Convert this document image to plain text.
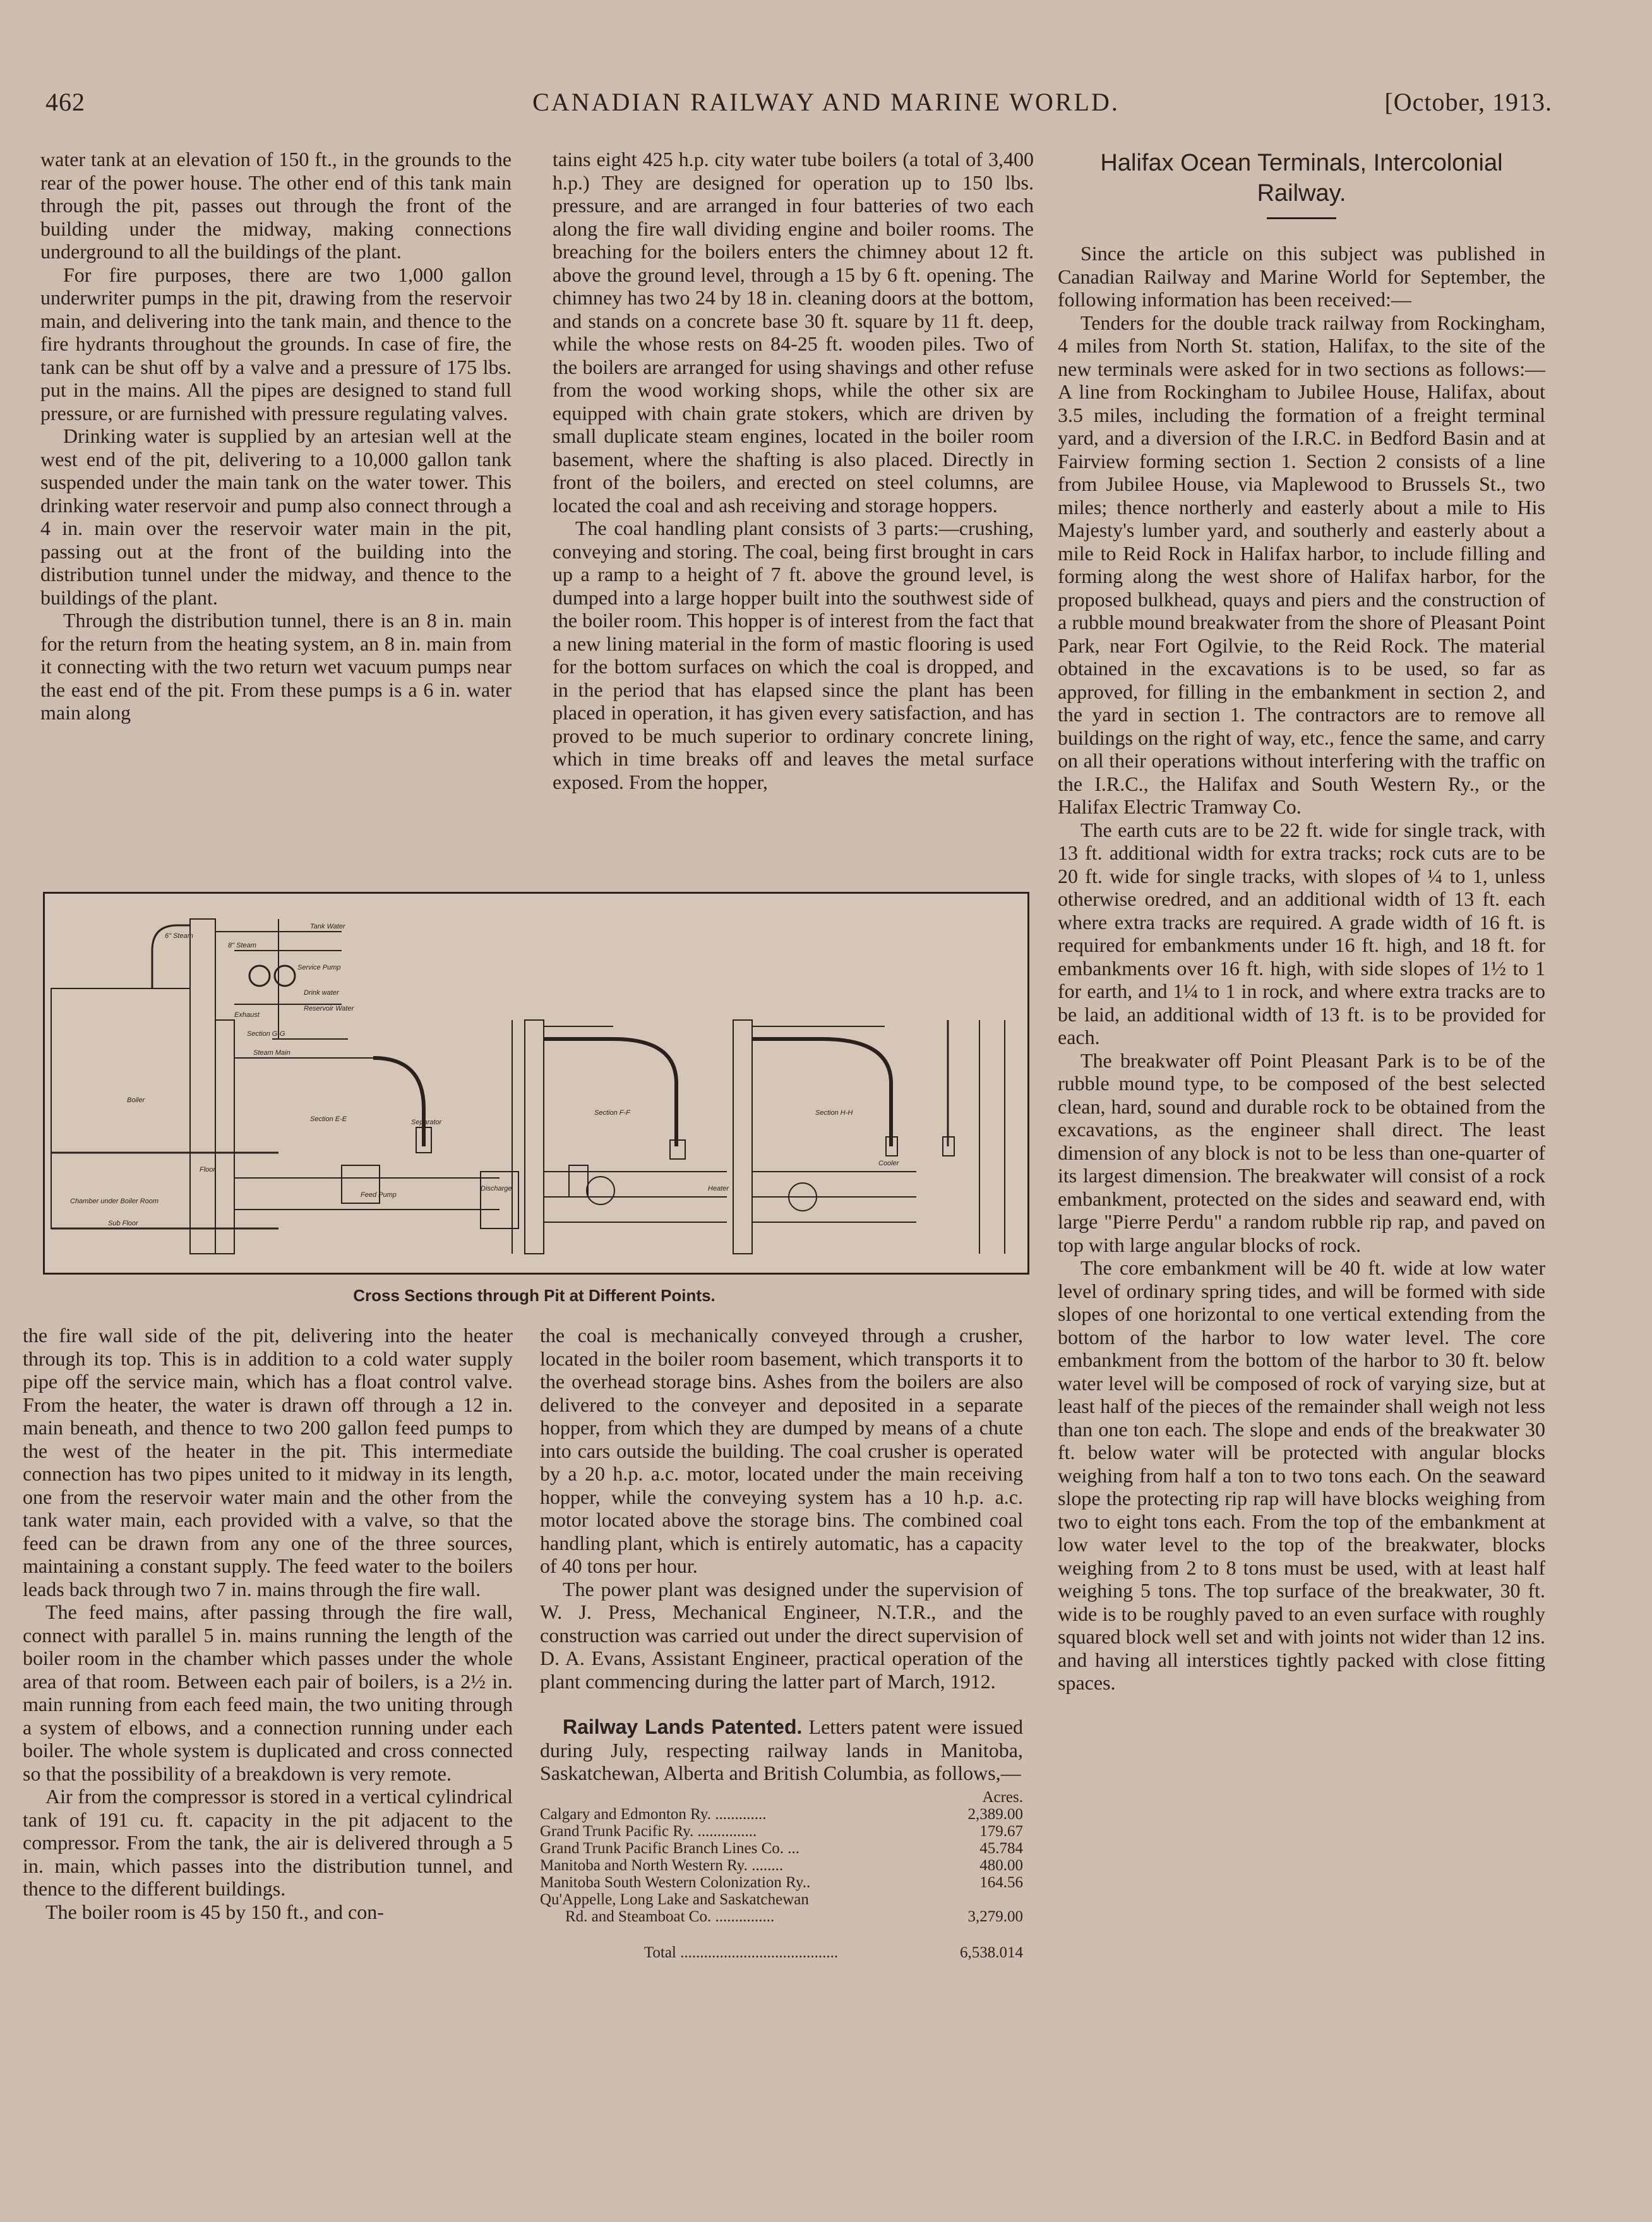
462	CANADIAN RAILWAY AND MARINE WORLD.	[October, 1913.

water tank at an elevation of 150 ft., in the grounds to the rear of the power house. The other end of this tank main through the pit, passes out through the front of the building under the midway, making connections underground to all the buildings of the plant.

For fire purposes, there are two 1,000 gallon underwriter pumps in the pit, drawing from the reservoir main, and delivering into the tank main, and thence to the fire hydrants throughout the grounds. In case of fire, the tank can be shut off by a valve and a pressure of 175 lbs. put in the mains. All the pipes are designed to stand full pressure, or are furnished with pressure regulating valves.

Drinking water is supplied by an artesian well at the west end of the pit, delivering to a 10,000 gallon tank suspended under the main tank on the water tower. This drinking water reservoir and pump also connect through a 4 in. main over the reservoir water main in the pit, passing out at the front of the building into the distribution tunnel under the midway, and thence to the buildings of the plant.

Through the distribution tunnel, there is an 8 in. main for the return from the heating system, an 8 in. main from it connecting with the two return wet vacuum pumps near the east end of the pit. From these pumps is a 6 in. water main along

tains eight 425 h.p. city water tube boilers (a total of 3,400 h.p.) They are designed for operation up to 150 lbs. pressure, and are arranged in four batteries of two each along the fire wall dividing engine and boiler rooms. The breaching for the boilers enters the chimney about 12 ft. above the ground level, through a 15 by 6 ft. opening. The chimney has two 24 by 18 in. cleaning doors at the bottom, and stands on a concrete base 30 ft. square by 11 ft. deep, while the whose rests on 84-25 ft. wooden piles. Two of the boilers are arranged for using shavings and other refuse from the wood working shops, while the other six are equipped with chain grate stokers, which are driven by small duplicate steam engines, located in the boiler room basement, where the shafting is also placed. Directly in front of the boilers, and erected on steel columns, are located the coal and ash receiving and storage hoppers.

The coal handling plant consists of 3 parts:—crushing, conveying and storing. The coal, being first brought in cars up a ramp to a height of 7 ft. above the ground level, is dumped into a large hopper built into the southwest side of the boiler room. This hopper is of interest from the fact that a new lining material in the form of mastic flooring is used for the bottom surfaces on which the coal is dropped, and in the period that has elapsed since the plant has been placed in operation, it has given every satisfaction, and has proved to be much superior to ordinary concrete lining, which in time breaks off and leaves the metal surface exposed. From the hopper,

Halifax Ocean Terminals, Intercolonial Railway.

Since the article on this subject was published in Canadian Railway and Marine World for September, the following information has been received:—

Tenders for the double track railway from Rockingham, 4 miles from North St. station, Halifax, to the site of the new terminals were asked for in two sections as follows:—A line from Rockingham to Jubilee House, Halifax, about 3.5 miles, including the formation of a freight terminal yard, and a diversion of the I.R.C. in Bedford Basin and at Fairview forming section 1. Section 2 consists of a line from Jubilee House, via Maplewood to Brussels St., two miles; thence northerly and easterly about a mile to His Majesty's lumber yard, and southerly and easterly about a mile to Reid Rock in Halifax harbor, to include filling and forming along the west shore of Halifax harbor, for the proposed bulkhead, quays and piers and the construction of a rubble mound breakwater from the shore of Pleasant Point Park, near Fort Ogilvie, to the Reid Rock. The material obtained in the excavations is to be used, so far as approved, for filling in the embankment in section 2, and the yard in section 1. The contractors are to remove all buildings on the right of way, etc., fence the same, and carry on all their operations without interfering with the traffic on the I.R.C., the Halifax and South Western Ry., or the Halifax Electric Tramway Co.

The earth cuts are to be 22 ft. wide for single track, with 13 ft. additional width for extra tracks; rock cuts are to be 20 ft. wide for single tracks, with slopes of ¼ to 1, unless otherwise oredred, and an additional width of 13 ft. each where extra tracks are required. A grade width of 16 ft. is required for embankments under 16 ft. high, and 18 ft. for embankments over 16 ft. high, with side slopes of 1½ to 1 for earth, and 1¼ to 1 in rock, and where extra tracks are to be laid, an additional width of 13 ft. is to be provided for each.

The breakwater off Point Pleasant Park is to be of the rubble mound type, to be composed of the best selected clean, hard, sound and durable rock to be obtained from the excavations, as the engineer shall direct. The least dimension of any block is not to be less than one-quarter of its largest dimension. The breakwater will consist of a rock embankment, protected on the sides and seaward end, with large "Pierre Perdu" a random rubble rip rap, and paved on top with large angular blocks of rock.

The core embankment will be 40 ft. wide at low water level of ordinary spring tides, and will be formed with side slopes of one horizontal to one vertical extending from the bottom of the harbor to low water level. The core embankment from the bottom of the harbor to 30 ft. below water level will be composed of rock of varying size, but at least half of the pieces of the remainder shall weigh not less than one ton each. The slope and ends of the breakwater 30 ft. below water will be protected with angular blocks weighing from half a ton to two tons each. On the seaward slope the protecting rip rap will have blocks weighing from two to eight tons each. From the top of the embankment at low water level to the top of the breakwater, blocks weighing from 2 to 8 tons must be used, with at least half weighing 5 tons. The top surface of the breakwater, 30 ft. wide is to be roughly paved to an even surface with roughly squared block well set and with joints not wider than 12 ins. and having all interstices tightly packed with close fitting spaces.

6" Steam
Tank Water
Service Pump
8" Steam
Exhaust
Drink water
Reservoir Water
Section G-G
Steam Main
Separator
Section E-E
Floor
Boiler
Chamber under Boiler Room
Sub Floor
Section F-F	Section H-H
Cooler
Feed Pump
Discharge	Heater
Cross Sections through Pit at Different Points.

the fire wall side of the pit, delivering into the heater through its top. This is in addition to a cold water supply pipe off the service main, which has a float control valve. From the heater, the water is drawn off through a 12 in. main beneath, and thence to two 200 gallon feed pumps to the west of the heater in the pit. This intermediate connection has two pipes united to it midway in its length, one from the reservoir water main and the other from the tank water main, each provided with a valve, so that the feed can be drawn from any one of the three sources, maintaining a constant supply. The feed water to the boilers leads back through two 7 in. mains through the fire wall.

The feed mains, after passing through the fire wall, connect with parallel 5 in. mains running the length of the boiler room in the chamber which passes under the whole area of that room. Between each pair of boilers, is a 2½ in. main running from each feed main, the two uniting through a system of elbows, and a connection running under each boiler. The whole system is duplicated and cross connected so that the possibility of a breakdown is very remote.

Air from the compressor is stored in a vertical cylindrical tank of 191 cu. ft. capacity in the pit adjacent to the compressor. From the tank, the air is delivered through a 5 in. main, which passes into the distribution tunnel, and thence to the different buildings.

The boiler room is 45 by 150 ft., and con-

the coal is mechanically conveyed through a crusher, located in the boiler room basement, which transports it to the overhead storage bins. Ashes from the boilers are also delivered to the conveyer and deposited in a separate hopper, from which they are dumped by means of a chute into cars outside the building. The coal crusher is operated by a 20 h.p. a.c. motor, located under the main receiving hopper, while the conveying system has a 10 h.p. a.c. motor located above the storage bins. The combined coal handling plant, which is entirely automatic, has a capacity of 40 tons per hour.

The power plant was designed under the supervision of W. J. Press, Mechanical Engineer, N.T.R., and the construction was carried out under the direct supervision of D. A. Evans, Assistant Engineer, practical operation of the plant commencing during the latter part of March, 1912.

Railway Lands Patented. Letters patent were issued during July, respecting railway lands in Manitoba, Saskatchewan, Alberta and British Columbia, as follows,—

Acres.
Calgary and Edmonton Ry. .............	2,389.00
Grand Trunk Pacific Ry. ...............	179.67
Grand Trunk Pacific Branch Lines Co. ...	45.784
Manitoba and North Western Ry. ........	480.00
Manitoba South Western Colonization Ry..	164.56
Qu'Appelle, Long Lake and Saskatchewan
Rd. and Steamboat Co. ...............	3,279.00
Total ........................................	6,538.014
